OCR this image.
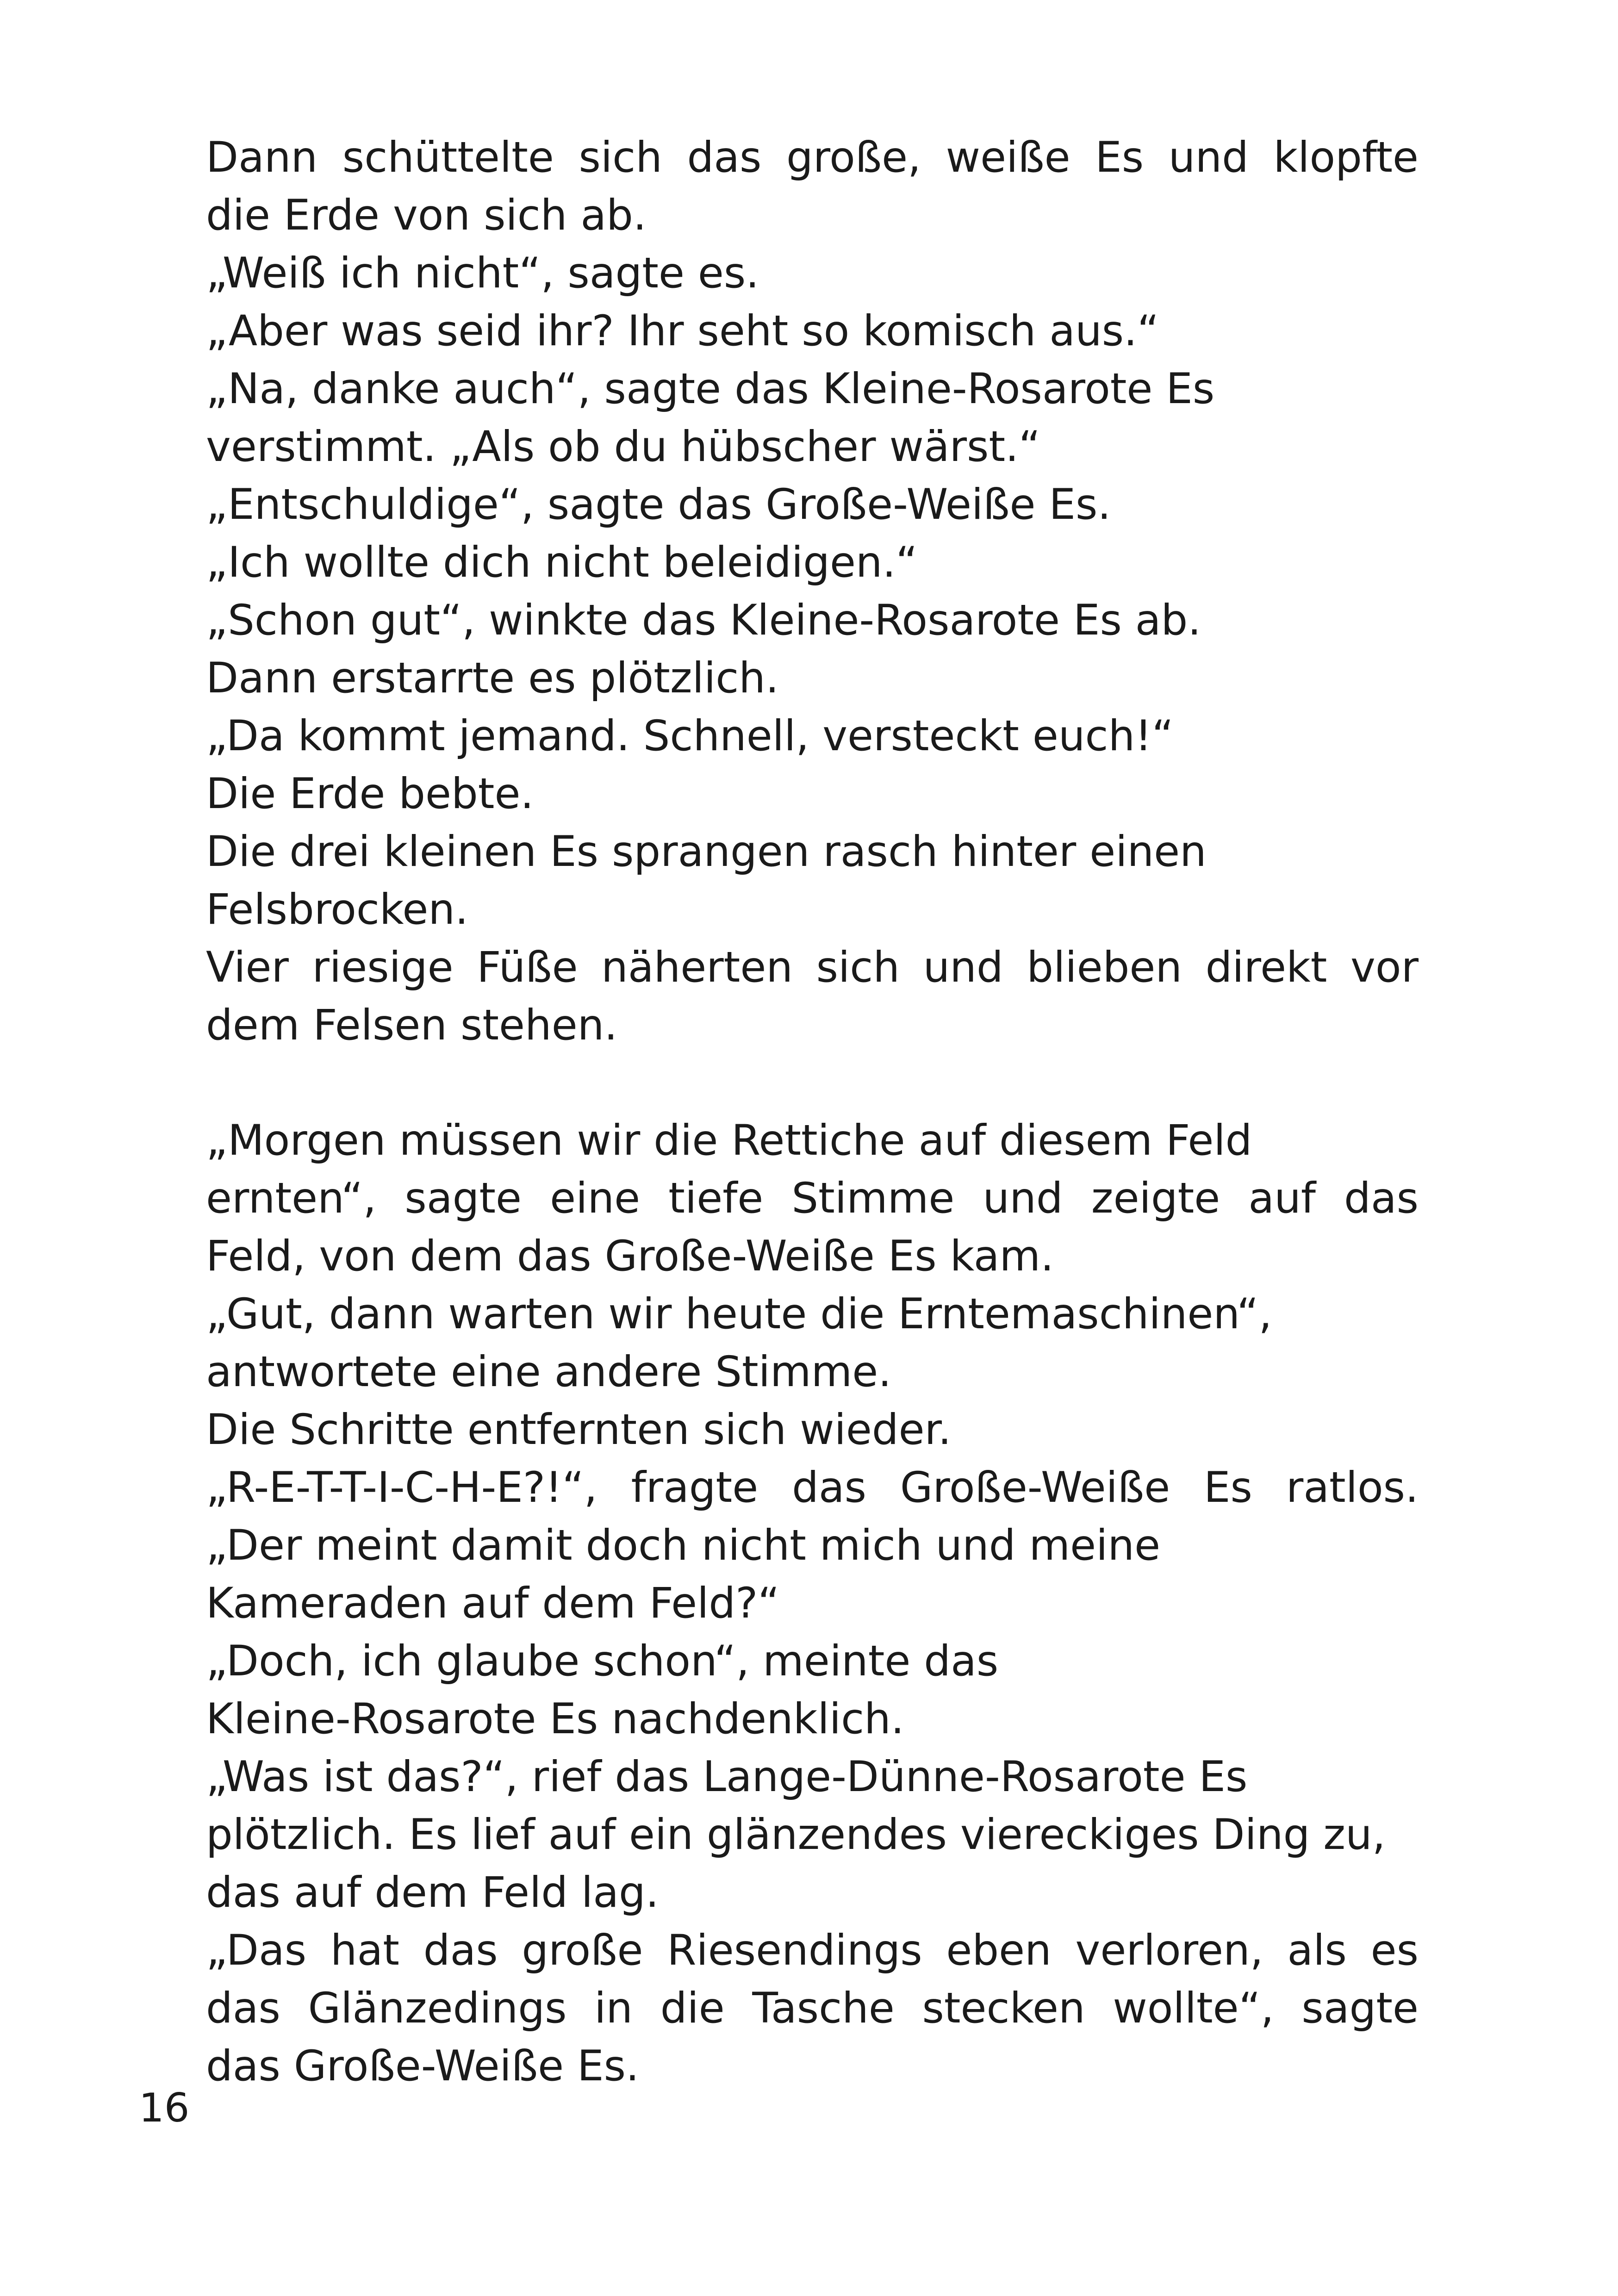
Dann schüttelte sich das große, weiße Es und klopfte
die Erde von sich ab.
„Weiß ich nicht“, sagte es.
„Aber was seid ihr? Ihr seht so komisch aus.“
„Na, danke auch“, sagte das Kleine-Rosarote Es
verstimmt. „Als ob du hübscher wärst.“
„Entschuldige“, sagte das Große-Weiße Es.
„Ich wollte dich nicht beleidigen.“
„Schon gut“, winkte das Kleine-Rosarote Es ab.
Dann erstarrte es plötzlich.
„Da kommt jemand. Schnell, versteckt euch!“
Die Erde bebte.
Die drei kleinen Es sprangen rasch hinter einen
Felsbrocken.
Vier riesige Füße näherten sich und blieben direkt vor
dem Felsen stehen.
„Morgen müssen wir die Rettiche auf diesem Feld
ernten“, sagte eine tiefe Stimme und zeigte auf das
Feld, von dem das Große-Weiße Es kam.
„Gut, dann warten wir heute die Erntemaschinen“,
antwortete eine andere Stimme.
Die Schritte entfernten sich wieder.
„R-E-T-T-I-C-H-E?!“, fragte das Große-Weiße Es ratlos.
„Der meint damit doch nicht mich und meine
Kameraden auf dem Feld?“
„Doch, ich glaube schon“, meinte das
Kleine-Rosarote Es nachdenklich.
„Was ist das?“, rief das Lange-Dünne-Rosarote Es
plötzlich. Es lief auf ein glänzendes viereckiges Ding zu,
das auf dem Feld lag.
„Das hat das große Riesendings eben verloren, als es
das Glänzedings in die Tasche stecken wollte“, sagte
das Große-Weiße Es.
16
